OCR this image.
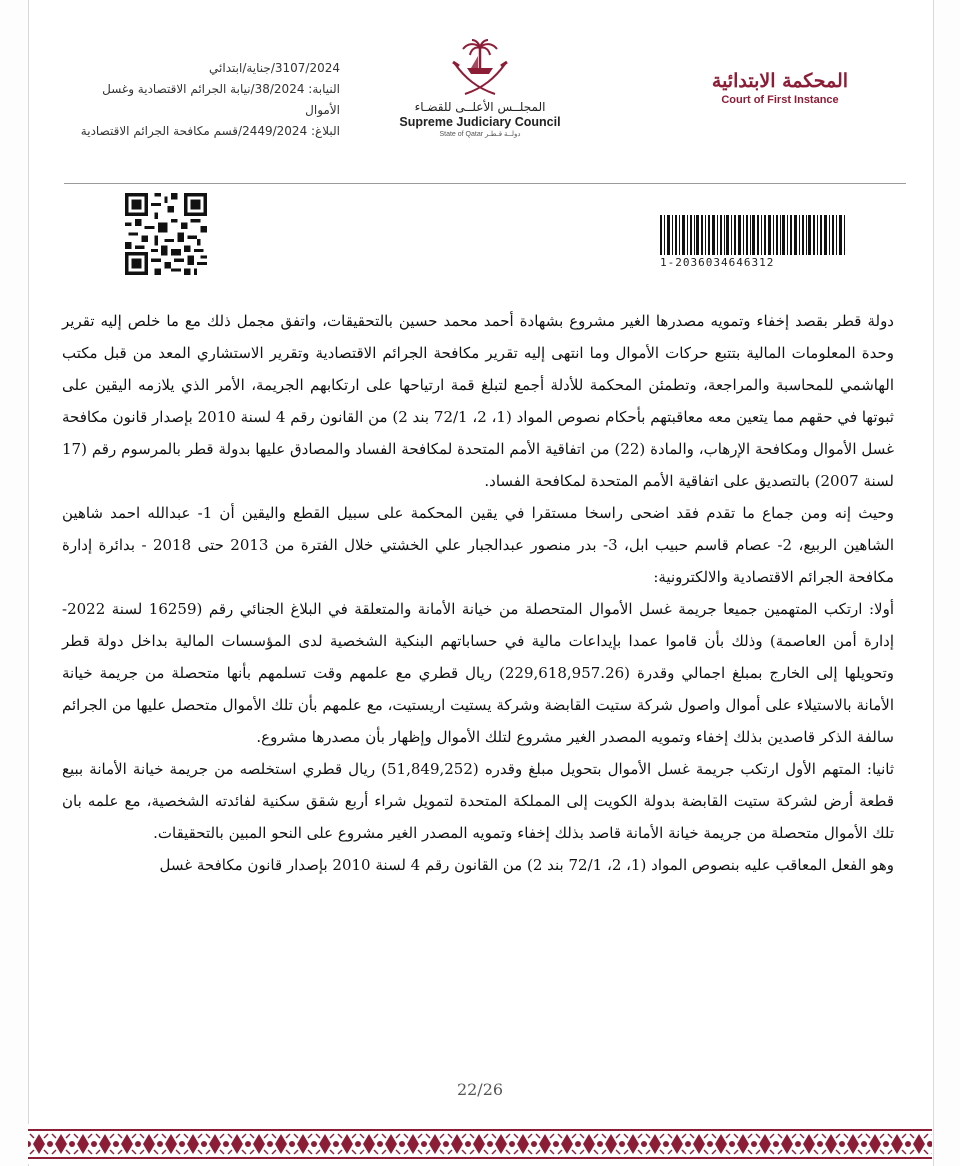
3107/2024/جناية/ابتدائي
النيابة: 38/2024/نيابة الجرائم الاقتصادية وغسل
الأموال
البلاغ: 2449/2024/قسم مكافحة الجرائم الاقتصادية
المجلــس الأعلــى للقضـاء
Supreme Judiciary Council
State of Qatar دولــة قـطـر
المحكمة الابتدائية
Court of First Instance
1-2036034646312

دولة قطر بقصد إخفاء وتمويه مصدرها الغير مشروع بشهادة أحمد محمد حسين بالتحقيقات، واتفق مجمل ذلك مع ما خلص إليه تقرير وحدة المعلومات المالية بتتبع حركات الأموال وما انتهى إليه تقرير مكافحة الجرائم الاقتصادية وتقرير الاستشاري المعد من قبل مكتب الهاشمي للمحاسبة والمراجعة، وتطمئن المحكمة للأدلة أجمع لتبلغ قمة ارتياحها على ارتكابهم الجريمة، الأمر الذي يلازمه اليقين على ثبوتها في حقهم مما يتعين معه معاقبتهم بأحكام نصوص المواد (1، 2، 72/1 بند 2) من القانون رقم 4 لسنة 2010 بإصدار قانون مكافحة غسل الأموال ومكافحة الإرهاب، والمادة (22) من اتفاقية الأمم المتحدة لمكافحة الفساد والمصادق عليها بدولة قطر بالمرسوم رقم (17 لسنة 2007) بالتصديق على اتفاقية الأمم المتحدة لمكافحة الفساد.

وحيث إنه ومن جماع ما تقدم فقد اضحى راسخا مستقرا في يقين المحكمة على سبيل القطع واليقين أن 1- عبدالله احمد شاهين الشاهين الربيع، 2- عصام قاسم حبيب ابل، 3- بدر منصور عبدالجبار علي الخشتي خلال الفترة من 2013 حتى 2018 - بدائرة إدارة مكافحة الجرائم الاقتصادية والالكترونية:

أولا: ارتكب المتهمين جميعا جريمة غسل الأموال المتحصلة من خيانة الأمانة والمتعلقة في البلاغ الجنائي رقم (16259 لسنة 2022- إدارة أمن العاصمة) وذلك بأن قاموا عمدا بإيداعات مالية في حساباتهم البنكية الشخصية لدى المؤسسات المالية بداخل دولة قطر وتحويلها إلى الخارج بمبلغ اجمالي وقدرة (229,618,957.26) ريال قطري مع علمهم وقت تسلمهم بأنها متحصلة من جريمة خيانة الأمانة بالاستيلاء على أموال واصول شركة ستيت القابضة وشركة يستيت اريستيت، مع علمهم بأن تلك الأموال متحصل عليها من الجرائم سالفة الذكر قاصدين بذلك إخفاء وتمويه المصدر الغير مشروع لتلك الأموال وإظهار بأن مصدرها مشروع.

ثانيا: المتهم الأول ارتكب جريمة غسل الأموال بتحويل مبلغ وقدره (51,849,252) ريال قطري استخلصه من جريمة خيانة الأمانة ببيع قطعة أرض لشركة ستيت القابضة بدولة الكويت إلى المملكة المتحدة لتمويل شراء أربع شقق سكنية لفائدته الشخصية، مع علمه بان تلك الأموال متحصلة من جريمة خيانة الأمانة قاصد بذلك إخفاء وتمويه المصدر الغير مشروع على النحو المبين بالتحقيقات.

وهو الفعل المعاقب عليه بنصوص المواد (1، 2، 72/1 بند 2) من القانون رقم 4 لسنة 2010 بإصدار قانون مكافحة غسل

22/26
